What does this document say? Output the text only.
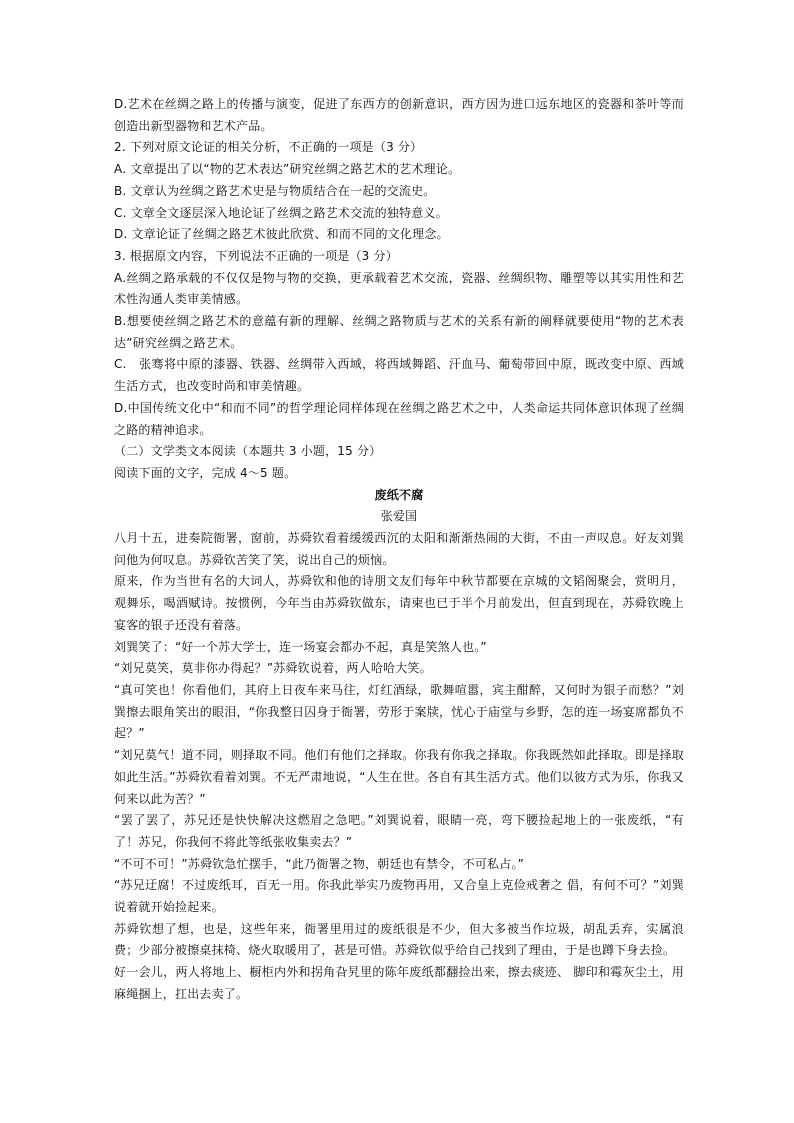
D.艺术在丝绸之路上的传播与演变，促进了东西方的创新意识，西方因为进口远东地区的瓷器和茶叶等而创造出新型器物和艺术产品。

2. 下列对原文论证的相关分析，不正确的一项是（3 分）

A. 文章提出了以“物的艺术表达”研究丝绸之路艺术的艺术理论。

B. 文章认为丝绸之路艺术史是与物质结合在一起的交流史。

C. 文章全文逐层深入地论证了丝绸之路艺术交流的独特意义。

D. 文章论证了丝绸之路艺术彼此欣赏、和而不同的文化理念。

3. 根据原文内容，下列说法不正确的一项是（3 分）

A.丝绸之路承载的不仅仅是物与物的交换，更承载着艺术交流，瓷器、丝绸织物、雕塑等以其实用性和艺术性沟通人类审美情感。

B.想要使丝绸之路艺术的意蕴有新的理解、丝绸之路物质与艺术的关系有新的阐释就要使用“物的艺术表达”研究丝绸之路艺术。

C.　张骞将中原的漆器、铁器、丝绸带入西域，将西域舞蹈、汗血马、葡萄带回中原，既改变中原、西域生活方式，也改变时尚和审美情趣。

D.中国传统文化中“和而不同”的哲学理论同样体现在丝绸之路艺术之中，人类命运共同体意识体现了丝绸之路的精神追求。

（二）文学类文本阅读（本题共 3 小题，15 分）

阅读下面的文字，完成 4～5 题。

废纸不腐

张爱国

八月十五，进奏院衙署，窗前，苏舜钦看着缓缓西沉的太阳和渐渐热闹的大街，不由一声叹息。好友刘巽问他为何叹息。苏舜钦苦笑了笑，说出自己的烦恼。

原来，作为当世有名的大词人，苏舜钦和他的诗朋文友们每年中秋节都要在京城的文韬阁聚会，赏明月，观舞乐，喝酒赋诗。按惯例，今年当由苏舜钦做东，请柬也已于半个月前发出，但直到现在，苏舜钦晚上宴客的银子还没有着落。

刘巽笑了：“好一个苏大学士，连一场宴会都办不起，真是笑煞人也。”

“刘兄莫笑，莫非你办得起？”苏舜钦说着，两人哈哈大笑。

“真可笑也！你看他们，其府上日夜车来马往，灯红酒绿，歌舞喧嚣，宾主酣醉，又何时为银子而愁？”刘巽擦去眼角笑出的眼泪，“你我整日囚身于衙署，劳形于案牍，忧心于庙堂与乡野，怎的连一场宴席都负不起？”

“刘兄莫气！道不同，则择取不同。他们有他们之择取。你我有你我之择取。你我既然如此择取。即是择取如此生活。”苏舜钦看着刘巽。不无严肃地说，“人生在世。各自有其生活方式。他们以彼方式为乐，你我又何来以此为苦？”

“罢了罢了，苏兄还是快快解决这燃眉之急吧。”刘巽说着，眼睛一亮，弯下腰捡起地上的一张废纸，“有了！苏兄，你我何不将此等纸张收集卖去？”

“不可不可！”苏舜钦急忙摆手，“此乃衙署之物，朝廷也有禁令，不可私占。”

“苏兄迂腐！不过废纸耳，百无一用。你我此举实乃废物再用，又合皇上克俭戒奢之 倡，有何不可？”刘巽说着就开始捡起来。

苏舜钦想了想，也是，这些年来，衙署里用过的废纸很是不少，但大多被当作垃圾，胡乱丢弃，实属浪费；少部分被擦桌抹椅、烧火取暖用了，甚是可惜。苏舜钦似乎给自己找到了理由，于是也蹲下身去捡。

好一会儿，两人将地上、橱柜内外和拐角旮旯里的陈年废纸都翻捡出来，擦去痰迹、 脚印和霉灰尘土，用麻绳捆上，扛出去卖了。
